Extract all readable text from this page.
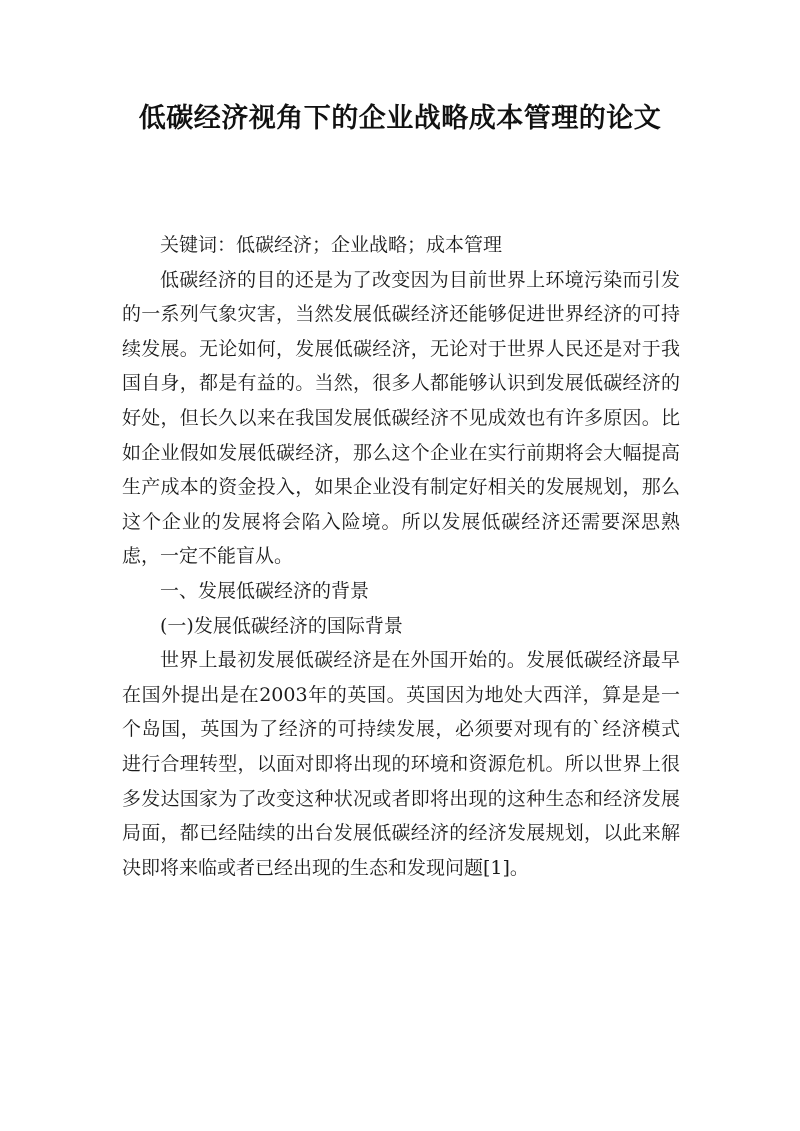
低碳经济视角下的企业战略成本管理的论文

关键词：低碳经济；企业战略；成本管理

低碳经济的目的还是为了改变因为目前世界上环境污染而引发的一系列气象灾害，当然发展低碳经济还能够促进世界经济的可持续发展。无论如何，发展低碳经济，无论对于世界人民还是对于我国自身，都是有益的。当然，很多人都能够认识到发展低碳经济的好处，但长久以来在我国发展低碳经济不见成效也有许多原因。比如企业假如发展低碳经济，那么这个企业在实行前期将会大幅提高生产成本的资金投入，如果企业没有制定好相关的发展规划，那么这个企业的发展将会陷入险境。所以发展低碳经济还需要深思熟虑，一定不能盲从。

一、发展低碳经济的背景

(一)发展低碳经济的国际背景

世界上最初发展低碳经济是在外国开始的。发展低碳经济最早在国外提出是在2003年的英国。英国因为地处大西洋，算是是一个岛国，英国为了经济的可持续发展，必须要对现有的`经济模式进行合理转型，以面对即将出现的环境和资源危机。所以世界上很多发达国家为了改变这种状况或者即将出现的这种生态和经济发展局面，都已经陆续的出台发展低碳经济的经济发展规划，以此来解决即将来临或者已经出现的生态和发现问题[1]。
